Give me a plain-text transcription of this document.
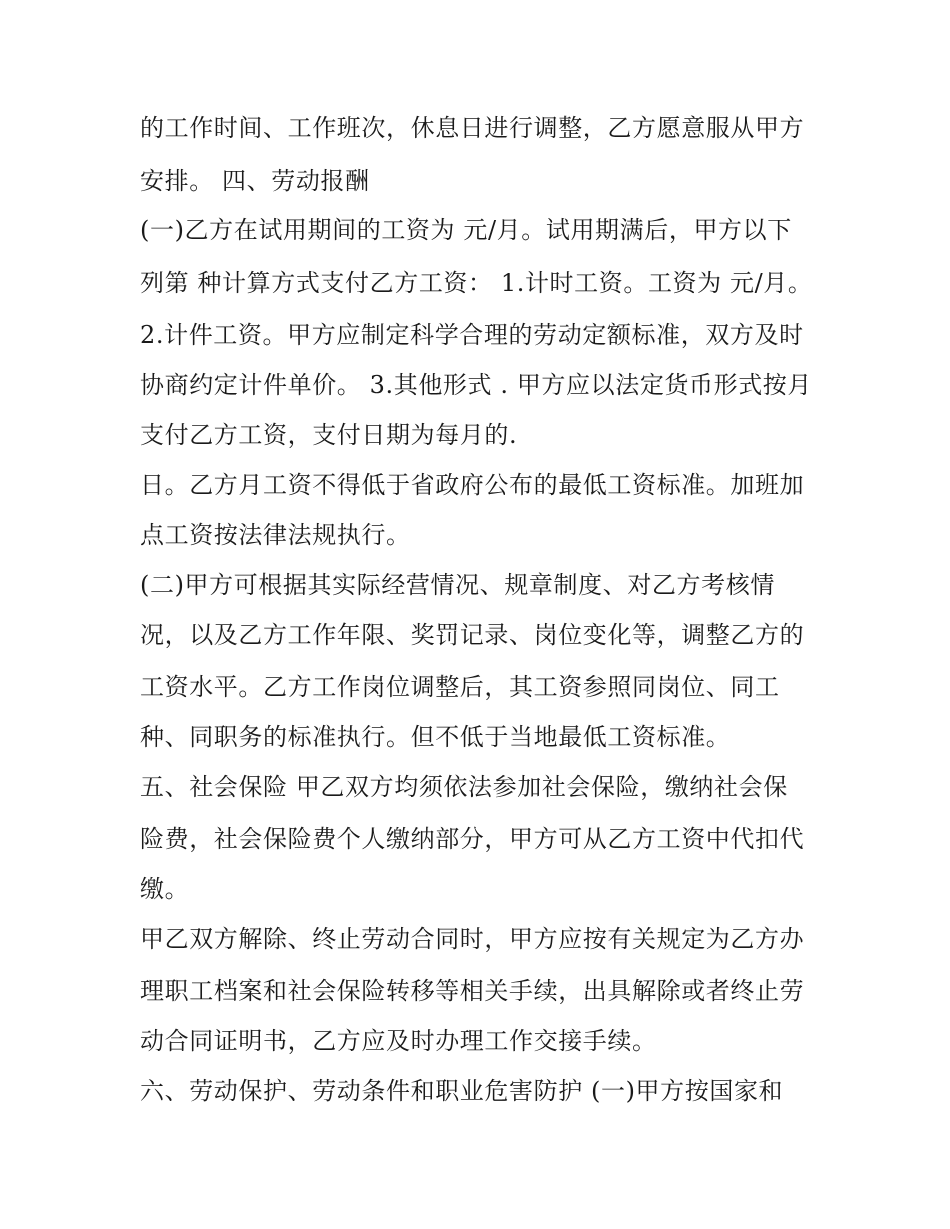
的工作时间、工作班次，休息日进行调整，乙方愿意服从甲方
安排。 四、劳动报酬
(一)乙方在试用期间的工资为 元/月。试用期满后，甲方以下
列第 种计算方式支付乙方工资： 1.计时工资。工资为 元/月。
2.计件工资。甲方应制定科学合理的劳动定额标准，双方及时
协商约定计件单价。 3.其他形式 . 甲方应以法定货币形式按月
支付乙方工资，支付日期为每月的.
日。乙方月工资不得低于省政府公布的最低工资标准。加班加
点工资按法律法规执行。
(二)甲方可根据其实际经营情况、规章制度、对乙方考核情
况，以及乙方工作年限、奖罚记录、岗位变化等，调整乙方的
工资水平。乙方工作岗位调整后，其工资参照同岗位、同工
种、同职务的标准执行。但不低于当地最低工资标准。
五、社会保险 甲乙双方均须依法参加社会保险，缴纳社会保
险费，社会保险费个人缴纳部分，甲方可从乙方工资中代扣代
缴。
甲乙双方解除、终止劳动合同时，甲方应按有关规定为乙方办
理职工档案和社会保险转移等相关手续，出具解除或者终止劳
动合同证明书，乙方应及时办理工作交接手续。
六、劳动保护、劳动条件和职业危害防护 (一)甲方按国家和
